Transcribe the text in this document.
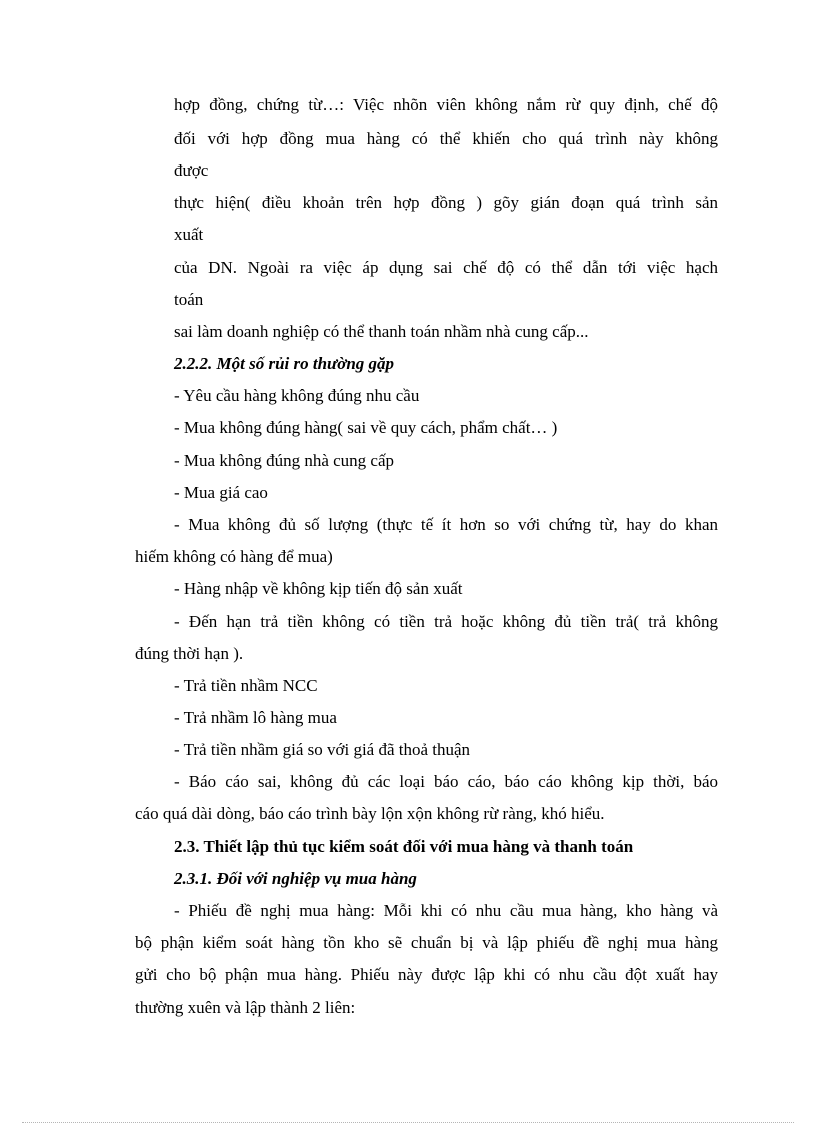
hợp đồng, chứng từ…: Việc nhõn viên không nắm rừ quy định, chế độ

đối với hợp đồng mua hàng có thể khiến cho quá trình này không

được

thực hiện( điều khoản trên hợp đồng ) gõy gián đoạn quá trình sản

xuất

của DN. Ngoài ra việc áp dụng sai chế độ có thể dẫn tới việc hạch

toán

sai làm doanh nghiệp có thể thanh toán nhầm nhà cung cấp...

2.2.2. Một số rủi ro thường gặp

- Yêu cầu hàng không đúng nhu cầu

- Mua không đúng hàng( sai về quy cách, phẩm chất… )

- Mua không đúng nhà cung cấp

- Mua giá cao

- Mua không đủ số lượng (thực tế ít hơn so với chứng từ, hay do khan

hiếm không có hàng để mua)

- Hàng nhập về không kịp tiến độ sản xuất

- Đến hạn trả tiền không có tiền trả hoặc không đủ tiền trả( trả không

đúng thời hạn ).

- Trả tiền nhầm NCC

- Trả nhầm lô hàng mua

- Trả tiền nhầm giá so với giá đã thoả thuận

- Báo cáo sai, không đủ các loại báo cáo, báo cáo không kịp thời, báo

cáo quá dài dòng, báo cáo trình bày lộn xộn không rừ ràng, khó hiểu.

2.3. Thiết lập thủ tục kiểm soát đối với mua hàng và thanh toán

2.3.1. Đối với nghiệp vụ mua hàng

- Phiếu đề nghị mua hàng: Mỗi khi có nhu cầu mua hàng, kho hàng và

bộ phận kiểm soát hàng tồn kho sẽ chuẩn bị và lập phiếu đề nghị mua hàng

gửi cho bộ phận mua hàng. Phiếu này được lập khi có nhu cầu đột xuất hay

thường xuên và lập thành 2 liên:
